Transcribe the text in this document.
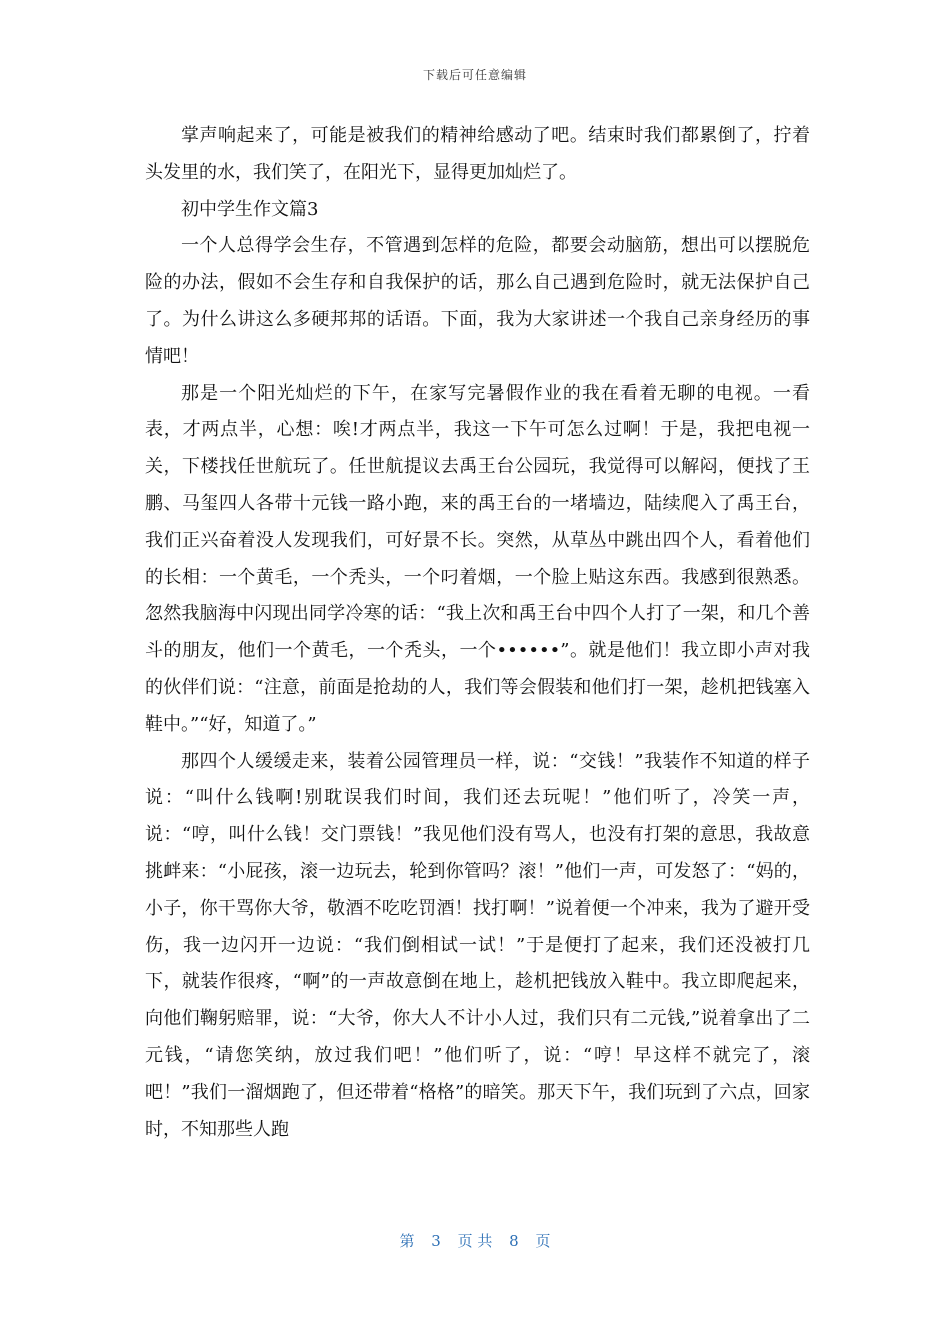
下载后可任意编辑

掌声响起来了，可能是被我们的精神给感动了吧。结束时我们都累倒了，拧着头发里的水，我们笑了，在阳光下，显得更加灿烂了。

初中学生作文篇3

一个人总得学会生存，不管遇到怎样的危险，都要会动脑筋，想出可以摆脱危险的办法，假如不会生存和自我保护的话，那么自己遇到危险时，就无法保护自己了。为什么讲这么多硬邦邦的话语。下面，我为大家讲述一个我自己亲身经历的事情吧！

那是一个阳光灿烂的下午，在家写完暑假作业的我在看着无聊的电视。一看表，才两点半，心想：唉!才两点半，我这一下午可怎么过啊！于是，我把电视一关，下楼找任世航玩了。任世航提议去禹王台公园玩，我觉得可以解闷，便找了王鹏、马玺四人各带十元钱一路小跑，来的禹王台的一堵墙边，陆续爬入了禹王台，我们正兴奋着没人发现我们，可好景不长。突然，从草丛中跳出四个人，看着他们的长相：一个黄毛，一个秃头，一个叼着烟，一个脸上贴这东西。我感到很熟悉。忽然我脑海中闪现出同学冷寒的话：“我上次和禹王台中四个人打了一架，和几个善斗的朋友，他们一个黄毛，一个秃头，一个••••••”。就是他们！我立即小声对我的伙伴们说：“注意，前面是抢劫的人，我们等会假装和他们打一架，趁机把钱塞入鞋中。”“好，知道了。”

那四个人缓缓走来，装着公园管理员一样，说：“交钱！”我装作不知道的样子说：“叫什么钱啊!别耽误我们时间，我们还去玩呢！”他们听了，冷笑一声，说：“哼，叫什么钱！交门票钱！”我见他们没有骂人，也没有打架的意思，我故意挑衅来：“小屁孩，滚一边玩去，轮到你管吗？滚！”他们一声，可发怒了：“妈的，小子，你干骂你大爷，敬酒不吃吃罚酒！找打啊！”说着便一个冲来，我为了避开受伤，我一边闪开一边说：“我们倒相试一试！”于是便打了起来，我们还没被打几下，就装作很疼，“啊”的一声故意倒在地上，趁机把钱放入鞋中。我立即爬起来，向他们鞠躬赔罪，说：“大爷，你大人不计小人过，我们只有二元钱,”说着拿出了二元钱，“请您笑纳，放过我们吧！”他们听了，说：“哼！早这样不就完了，滚吧！”我们一溜烟跑了，但还带着“格格”的暗笑。那天下午，我们玩到了六点，回家时，不知那些人跑

第 3 页 共 8 页
